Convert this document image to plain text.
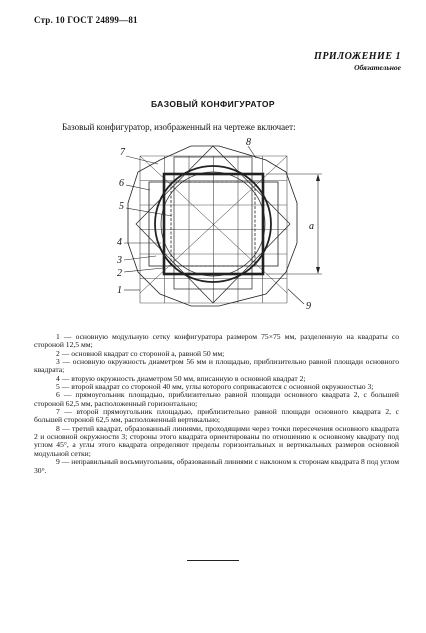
Стр. 10 ГОСТ 24899—81
ПРИЛОЖЕНИЕ 1
Обязательное
БАЗОВЫЙ КОНФИГУРАТОР
Базовый конфигуратор, изображенный на чертеже включает:
7
8
6
5
4
3
2
1
9
a

1 — основную модульную сетку конфигуратора размером 75×75 мм, разделенную на квадраты со стороной 12,5 мм;

2 — основной квадрат со стороной a, равной 50 мм;

3 — основную окружность диаметром 56 мм и площадью, приблизительно равной площади основного квадрата;

4 — вторую окружность диаметром 50 мм, вписанную в основной квадрат 2;

5 — второй квадрат со стороной 40 мм, углы которого соприкасаются с основной окружностью 3;

6 — прямоугольник площадью, приблизительно равной площади основного квадрата 2, с большей стороной 62,5 мм, расположенный горизонтально;

7 — второй прямоугольник площадью, приблизительно равной площади основного квадрата 2, с большей стороной 62,5 мм, расположенный вертикально;

8 — третий квадрат, образованный линиями, проходящими через точки пересечения основного квадрата 2 и основной окружности 3; стороны этого квадрата ориентированы по отношению к основному квадрату под углом 45°, а углы этого квадрата определяют пределы горизонтальных и вертикальных размеров основной модульной сетки;

9 — неправильный восьмиугольник, образованный линиями с наклоном к сторонам квадрата 8 под углом 30°.
